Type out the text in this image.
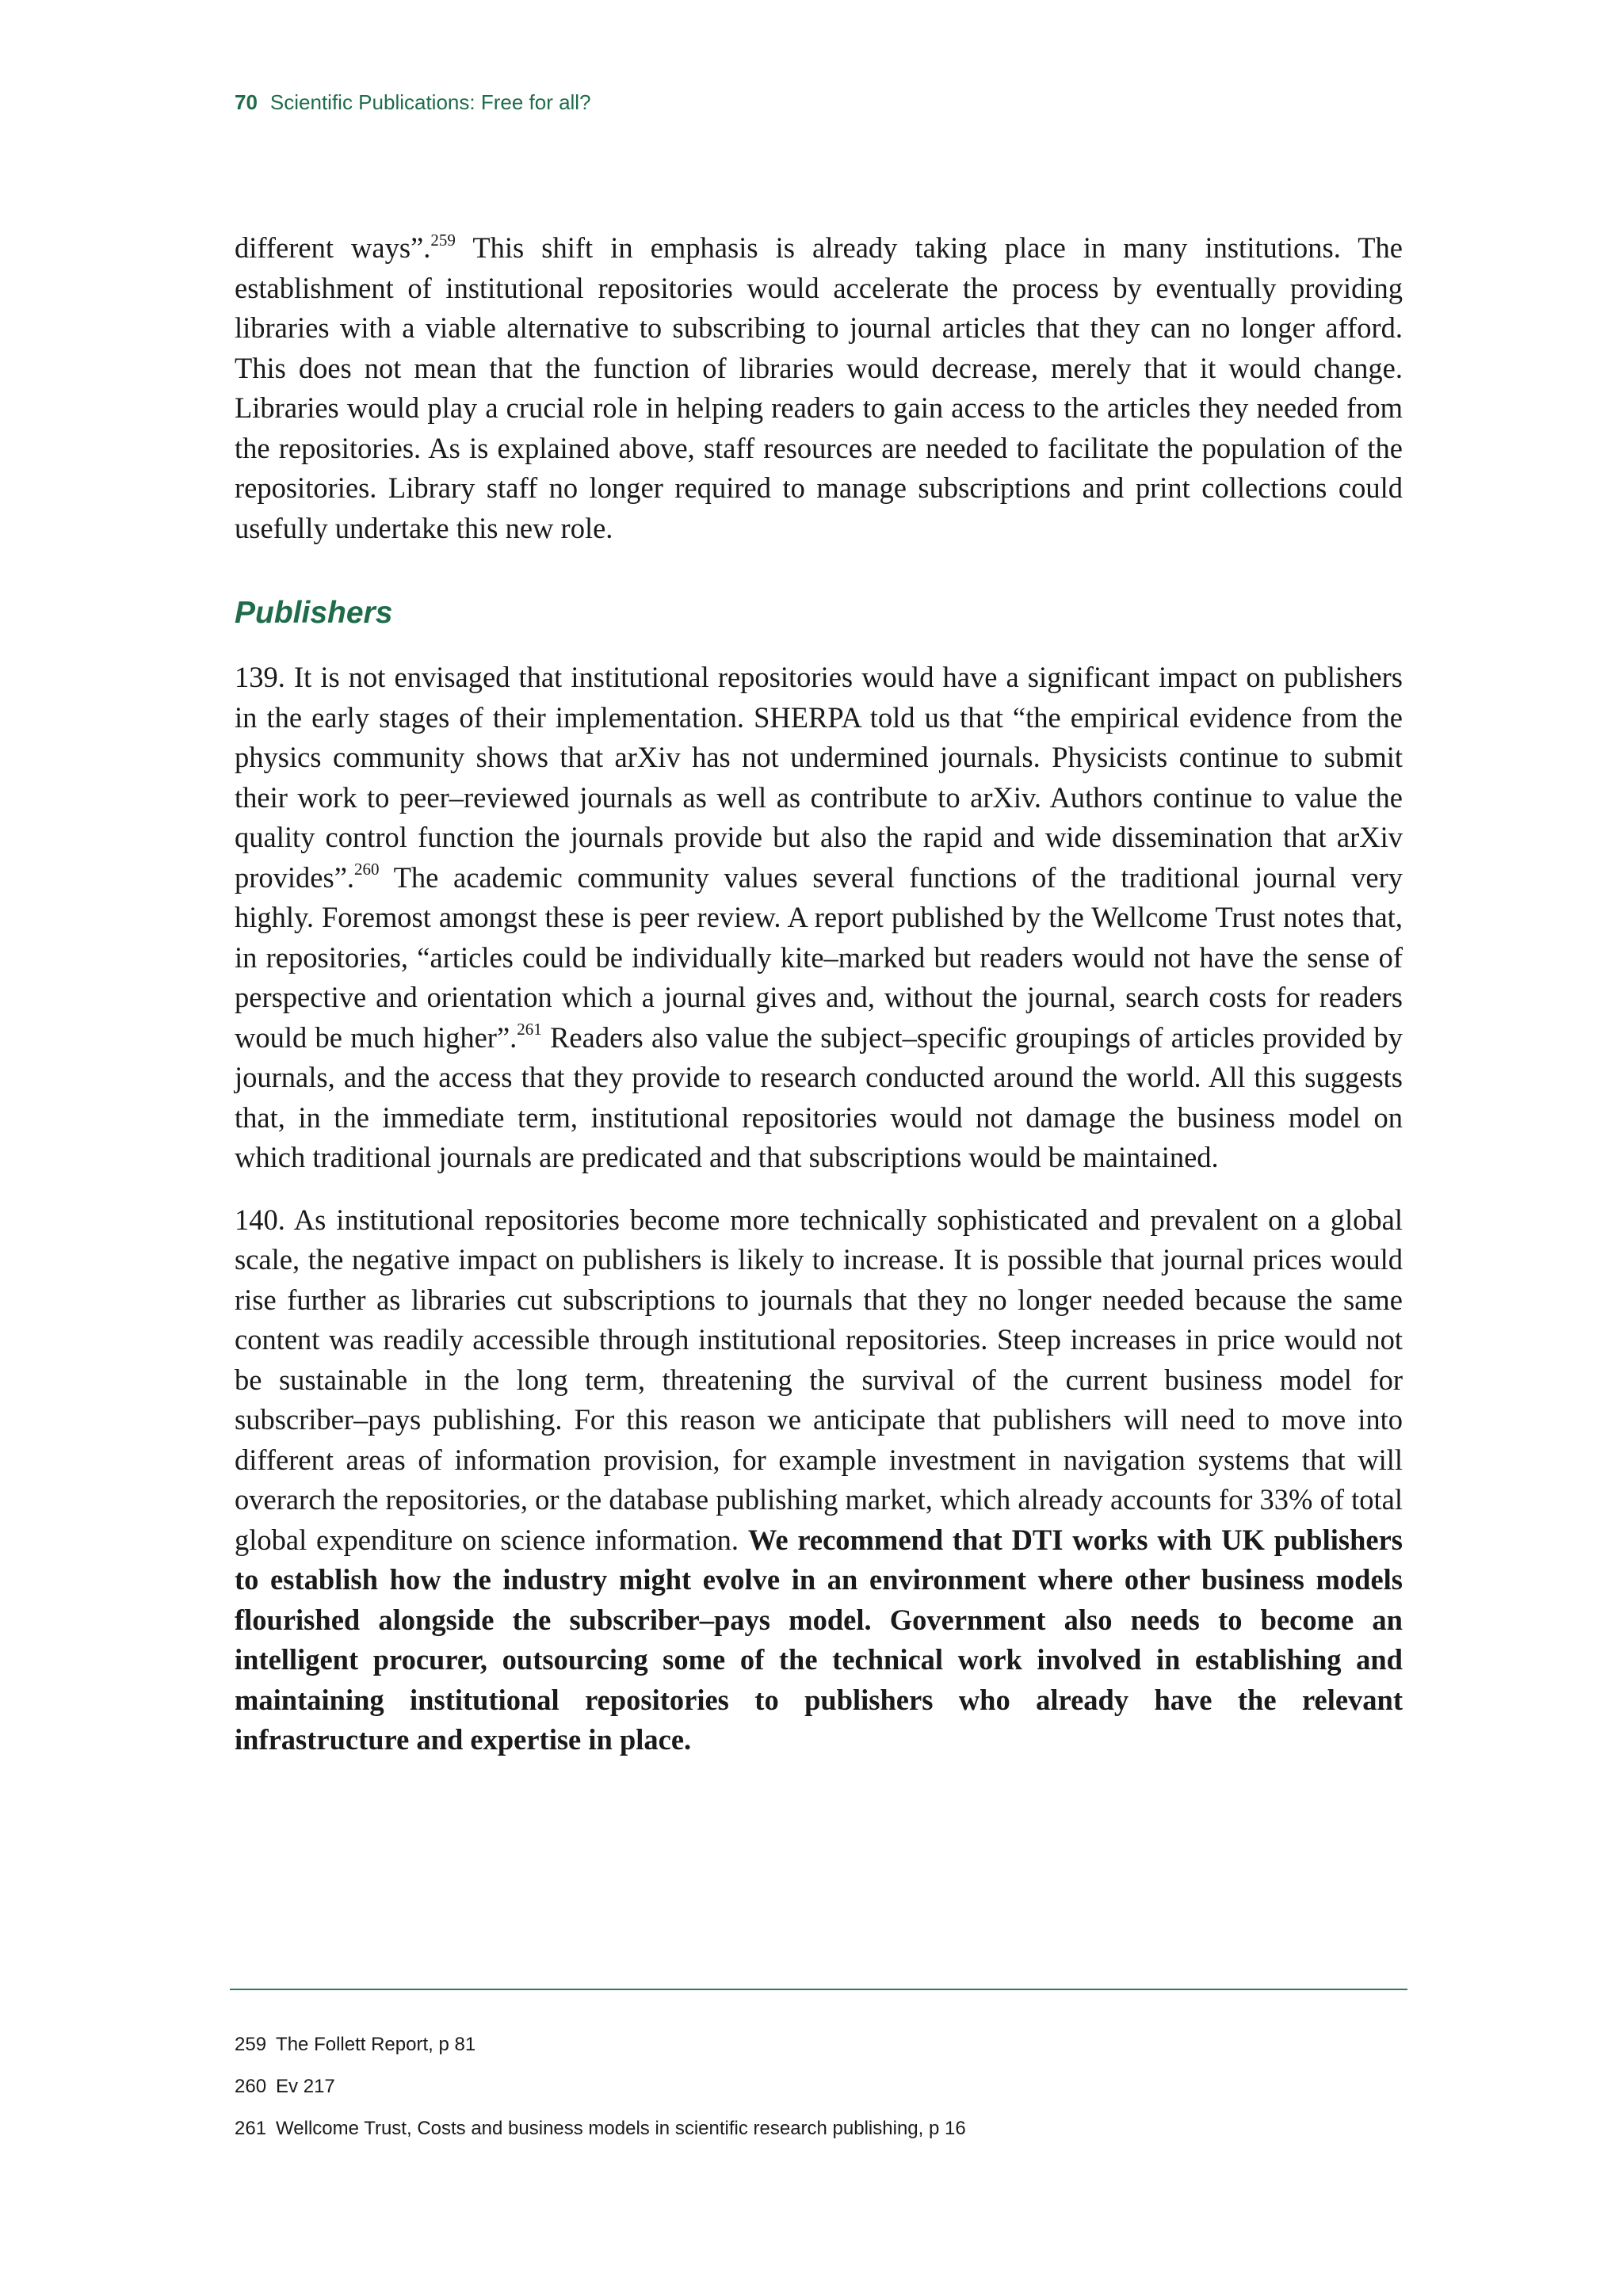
70 Scientific Publications: Free for all?

different ways”.$^{259}$ This shift in emphasis is already taking place in many institutions. The establishment of institutional repositories would accelerate the process by eventually providing libraries with a viable alternative to subscribing to journal articles that they can no longer afford. This does not mean that the function of libraries would decrease, merely that it would change. Libraries would play a crucial role in helping readers to gain access to the articles they needed from the repositories. As is explained above, staff resources are needed to facilitate the population of the repositories. Library staff no longer required to manage subscriptions and print collections could usefully undertake this new role.

Publishers

139. It is not envisaged that institutional repositories would have a significant impact on publishers in the early stages of their implementation. SHERPA told us that “the empirical evidence from the physics community shows that arXiv has not undermined journals. Physicists continue to submit their work to peer–reviewed journals as well as contribute to arXiv. Authors continue to value the quality control function the journals provide but also the rapid and wide dissemination that arXiv provides”.$^{260}$ The academic community values several functions of the traditional journal very highly. Foremost amongst these is peer review. A report published by the Wellcome Trust notes that, in repositories, “articles could be individually kite–marked but readers would not have the sense of perspective and orientation which a journal gives and, without the journal, search costs for readers would be much higher”.$^{261}$ Readers also value the subject–specific groupings of articles provided by journals, and the access that they provide to research conducted around the world. All this suggests that, in the immediate term, institutional repositories would not damage the business model on which traditional journals are predicated and that subscriptions would be maintained.

140. As institutional repositories become more technically sophisticated and prevalent on a global scale, the negative impact on publishers is likely to increase. It is possible that journal prices would rise further as libraries cut subscriptions to journals that they no longer needed because the same content was readily accessible through institutional repositories. Steep increases in price would not be sustainable in the long term, threatening the survival of the current business model for subscriber–pays publishing. For this reason we anticipate that publishers will need to move into different areas of information provision, for example investment in navigation systems that will overarch the repositories, or the database publishing market, which already accounts for 33% of total global expenditure on science information. We recommend that DTI works with UK publishers to establish how the industry might evolve in an environment where other business models flourished alongside the subscriber–pays model. Government also needs to become an intelligent procurer, outsourcing some of the technical work involved in establishing and maintaining institutional repositories to publishers who already have the relevant infrastructure and expertise in place.

259 The Follett Report, p 81
260 Ev 217
261 Wellcome Trust, Costs and business models in scientific research publishing, p 16
